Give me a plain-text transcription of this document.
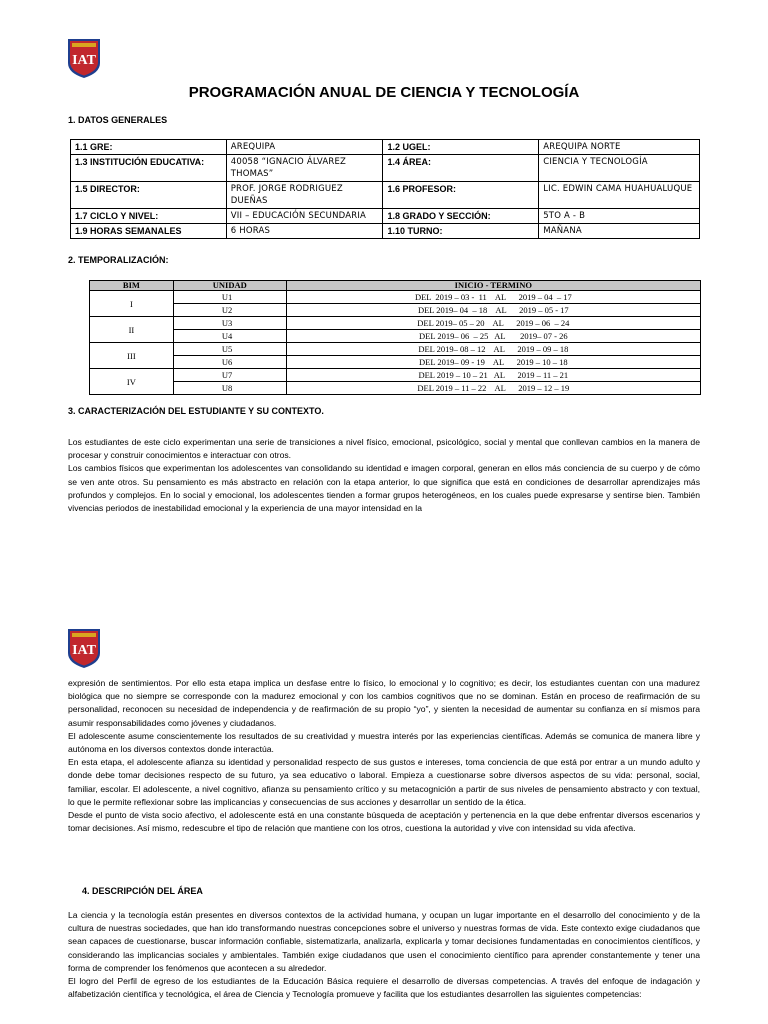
IAT
PROGRAMACIÓN ANUAL DE CIENCIA Y TECNOLOGÍA
1. DATOS GENERALES
1.1 GRE:	AREQUIPA	1.2 UGEL:	AREQUIPA NORTE
1.3 INSTITUCIÓN EDUCATIVA:	40058 “IGNACIO ÁLVAREZ THOMAS”	1.4 ÁREA:	CIENCIA Y TECNOLOGÍA
1.5 DIRECTOR:	PROF. JORGE RODRIGUEZ DUEÑAS	1.6 PROFESOR:	LIC. EDWIN CAMA HUAHUALUQUE
1.7 CICLO Y NIVEL:	VII – EDUCACIÓN SECUNDARIA	1.8 GRADO Y SECCIÓN:	5TO A - B
1.9 HORAS SEMANALES	6 HORAS	1.10 TURNO:	MAÑANA
2. TEMPORALIZACIÓN:
BIM	UNIDAD	INICIO - TERMINO
I	U1	DEL  2019 – 03 -  11    AL      2019 – 04  – 17
	U2	DEL 2019– 04  – 18    AL      2019 – 05 - 17
II	U3	DEL 2019– 05 – 20    AL      2019 – 06  – 24
	U4	DEL 2019– 06  – 25   AL       2019– 07 - 26
III	U5	DEL 2019– 08 – 12    AL      2019 – 09 – 18
	U6	DEL 2019– 09 - 19    AL      2019 – 10 – 18
IV	U7	DEL 2019 – 10 – 21   AL      2019 – 11 – 21
	U8	DEL 2019 – 11 – 22    AL      2019 – 12 – 19
3. CARACTERIZACIÓN DEL ESTUDIANTE Y SU CONTEXTO.

Los estudiantes de este ciclo experimentan una serie de transiciones a nivel físico, emocional, psicológico, social y mental que conllevan cambios en la manera de procesar y construir conocimientos e interactuar con otros.

Los cambios físicos que experimentan los adolescentes van consolidando su identidad e imagen corporal, generan en ellos más conciencia de su cuerpo y de cómo se ven ante otros. Su pensamiento es más abstracto en relación con la etapa anterior, lo que significa que está en condiciones de desarrollar aprendizajes más profundos y complejos. En lo social y emocional, los adolescentes tienden a formar grupos heterogéneos, en los cuales puede expresarse y sentirse bien. También vivencias periodos de inestabilidad emocional y la experiencia de una mayor intensidad en la

IAT

expresión de sentimientos. Por ello esta etapa implica un desfase entre lo físico, lo emocional y lo cognitivo; es decir, los estudiantes cuentan con una madurez biológica que no siempre se corresponde con la madurez emocional y con los cambios cognitivos que no se dominan. Están en proceso de reafirmación de su personalidad, reconocen su necesidad de independencia y de reafirmación de su propio “yo”, y sienten la necesidad de aumentar su confianza en sí mismos para asumir responsabilidades como jóvenes y ciudadanos.

El adolescente asume conscientemente los resultados de su creatividad y muestra interés por las experiencias científicas. Además se comunica de manera libre y autónoma en los diversos contextos donde interactúa.

En esta etapa, el adolescente afianza su identidad y personalidad respecto de sus gustos e intereses, toma conciencia de que está por entrar a un mundo adulto y donde debe tomar decisiones respecto de su futuro, ya sea educativo o laboral. Empieza a cuestionarse sobre diversos aspectos de su vida: personal, social, familiar, escolar. El adolescente, a nivel cognitivo, afianza su pensamiento crítico y su metacognición a partir de sus niveles de pensamiento abstracto y con textual, lo que le permite reflexionar sobre las implicancias y consecuencias de sus acciones y desarrollar un sentido de la ética.

Desde el punto de vista socio afectivo, el adolescente está en una constante búsqueda de aceptación y pertenencia en la que debe enfrentar diversos escenarios y tomar decisiones. Así mismo, redescubre el tipo de relación que mantiene con los otros, cuestiona la autoridad y vive con intensidad su vida afectiva.

4. DESCRIPCIÓN DEL ÁREA

La ciencia y la tecnología están presentes en diversos contextos de la actividad humana, y ocupan un lugar importante en el desarrollo del conocimiento y de la cultura de nuestras sociedades, que han ido transformando nuestras concepciones sobre el universo y nuestras formas de vida. Este contexto exige ciudadanos que sean capaces de cuestionarse, buscar información confiable, sistematizarla, analizarla, explicarla y tomar decisiones fundamentadas en conocimientos científicos, y considerando las implicancias sociales y ambientales. También exige ciudadanos que usen el conocimiento científico para aprender constantemente y tener una forma de comprender los fenómenos que acontecen a su alrededor.

El logro del Perfil de egreso de los estudiantes de la Educación Básica requiere el desarrollo de diversas competencias. A través del enfoque de indagación y alfabetización científica y tecnológica, el área de Ciencia y Tecnología promueve y facilita que los estudiantes desarrollen las siguientes competencias:
